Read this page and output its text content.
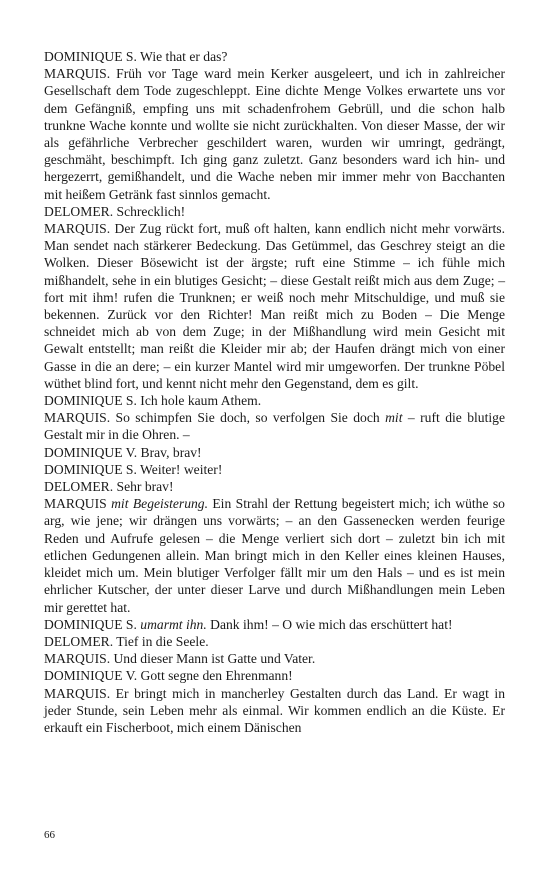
DOMINIQUE S. Wie that er das?

MARQUIS. Früh vor Tage ward mein Kerker ausgeleert, und ich in zahlreicher Gesellschaft dem Tode zugeschleppt. Eine dichte Menge Volkes erwartete uns vor dem Gefängniß, empfing uns mit schadenfrohem Gebrüll, und die schon halb trunkne Wache konnte und wollte sie nicht zurückhalten. Von dieser Masse, der wir als gefährliche Verbrecher geschildert waren, wurden wir umringt, gedrängt, geschmäht, beschimpft. Ich ging ganz zuletzt. Ganz besonders ward ich hin- und hergezerrt, gemißhandelt, und die Wache neben mir immer mehr von Bacchanten mit heißem Getränk fast sinnlos gemacht.

DELOMER. Schrecklich!

MARQUIS. Der Zug rückt fort, muß oft halten, kann endlich nicht mehr vorwärts. Man sendet nach stärkerer Bedeckung. Das Getümmel, das Geschrey steigt an die Wolken. Dieser Bösewicht ist der ärgste; ruft eine Stimme – ich fühle mich mißhandelt, sehe in ein blutiges Gesicht; – diese Gestalt reißt mich aus dem Zuge; – fort mit ihm! rufen die Trunknen; er weiß noch mehr Mitschuldige, und muß sie bekennen. Zurück vor den Richter! Man reißt mich zu Boden – Die Menge schneidet mich ab von dem Zuge; in der Mißhandlung wird mein Gesicht mit Gewalt entstellt; man reißt die Kleider mir ab; der Haufen drängt mich von einer Gasse in die an dere; – ein kurzer Mantel wird mir umgeworfen. Der trunkne Pöbel wüthet blind fort, und kennt nicht mehr den Gegenstand, dem es gilt.

DOMINIQUE S. Ich hole kaum Athem.

MARQUIS. So schimpfen Sie doch, so verfolgen Sie doch mit – ruft die blutige Gestalt mir in die Ohren. –

DOMINIQUE V. Brav, brav!

DOMINIQUE S. Weiter! weiter!

DELOMER. Sehr brav!

MARQUIS mit Begeisterung. Ein Strahl der Rettung begeistert mich; ich wüthe so arg, wie jene; wir drängen uns vorwärts; – an den Gassenecken werden feurige Reden und Aufrufe gelesen – die Menge verliert sich dort – zuletzt bin ich mit etlichen Gedungenen allein. Man bringt mich in den Keller eines kleinen Hauses, kleidet mich um. Mein blutiger Verfolger fällt mir um den Hals – und es ist mein ehrlicher Kutscher, der unter dieser Larve und durch Mißhandlungen mein Leben mir gerettet hat.

DOMINIQUE S. umarmt ihn. Dank ihm! – O wie mich das erschüttert hat!

DELOMER. Tief in die Seele.

MARQUIS. Und dieser Mann ist Gatte und Vater.

DOMINIQUE V. Gott segne den Ehrenmann!

MARQUIS. Er bringt mich in mancherley Gestalten durch das Land. Er wagt in jeder Stunde, sein Leben mehr als einmal. Wir kommen endlich an die Küste. Er erkauft ein Fischerboot, mich einem Dänischen

66
